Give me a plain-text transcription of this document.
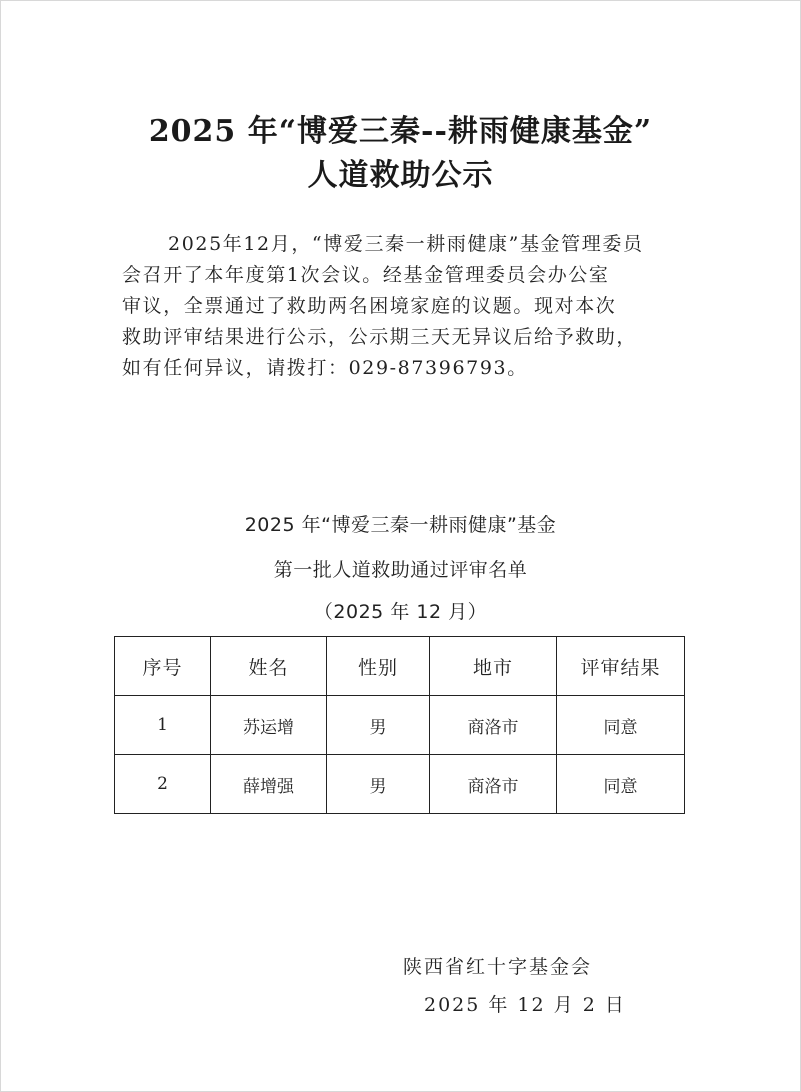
2025 年“博爱三秦--耕雨健康基金”
人道救助公示
2025年12月，“博爱三秦一耕雨健康”基金管理委员
会召开了本年度第1次会议。经基金管理委员会办公室
审议，全票通过了救助两名困境家庭的议题。现对本次
救助评审结果进行公示，公示期三天无异议后给予救助，
如有任何异议，请拨打：029-87396793。
2025 年“博爱三秦一耕雨健康”基金
第一批人道救助通过评审名单
（2025 年 12 月）
序号	姓名	性别	地市	评审结果
1	苏运增	男	商洛市	同意
2	薛增强	男	商洛市	同意
陕西省红十字基金会
2025 年 12 月 2 日
